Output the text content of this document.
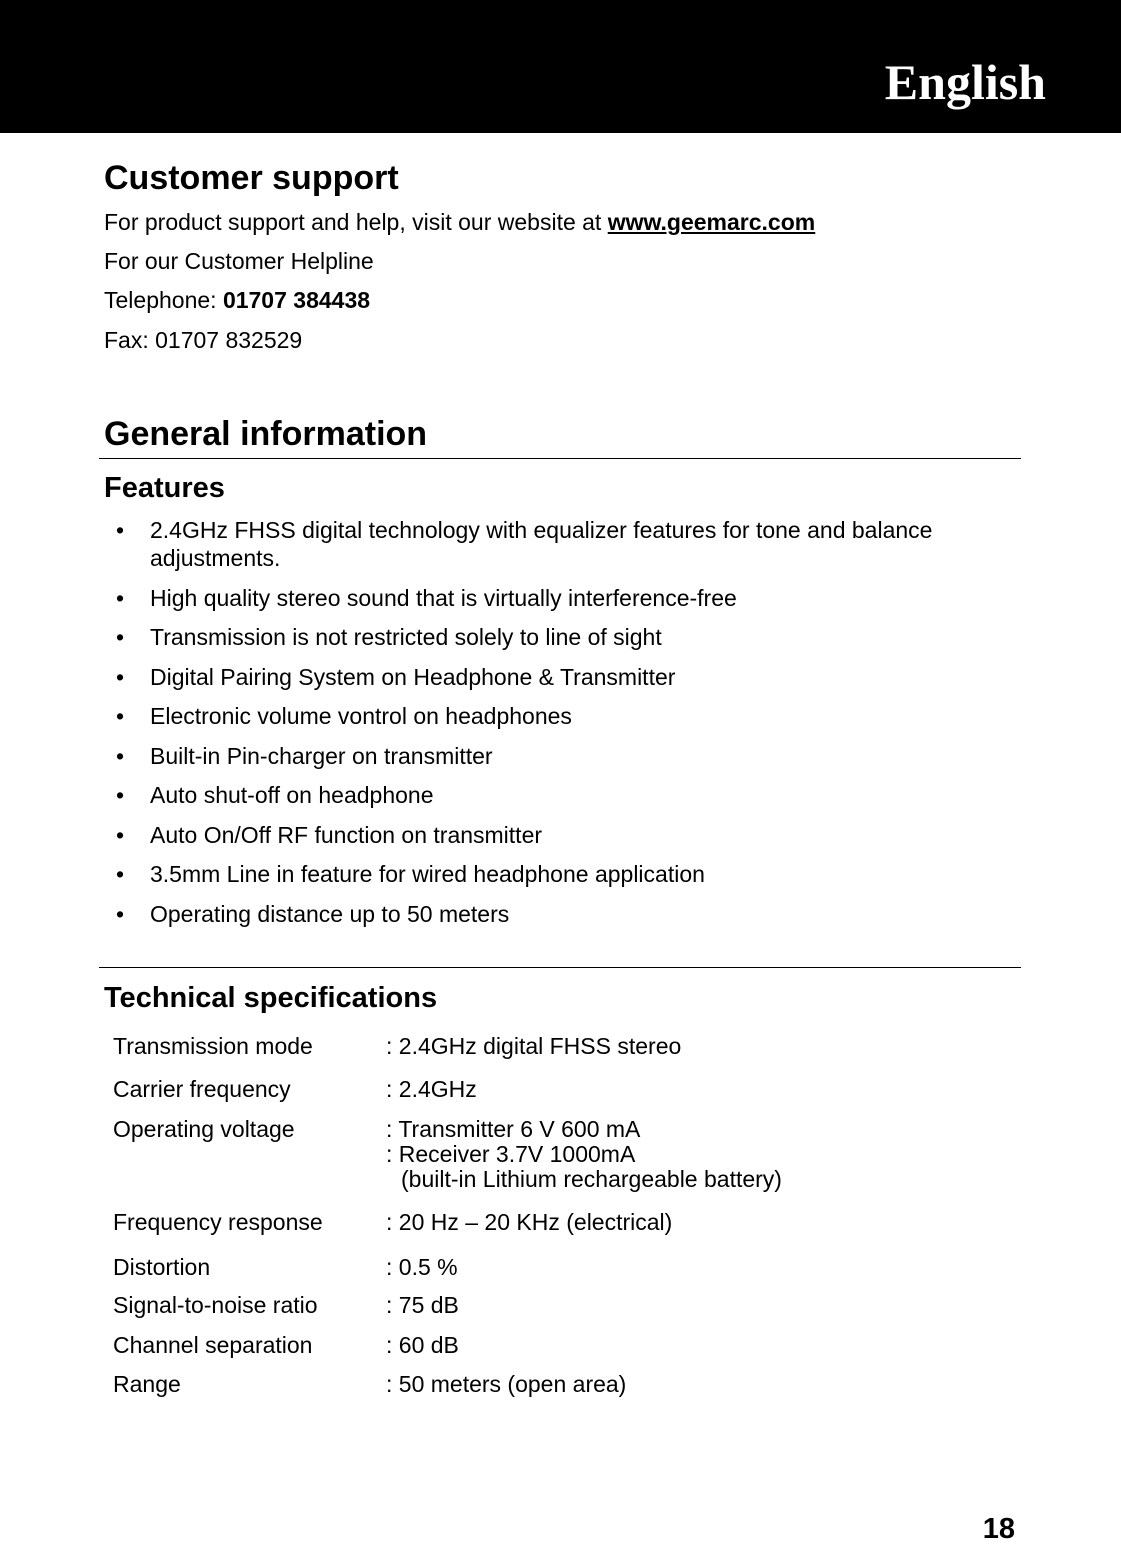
English
Customer support
For product support and help, visit our website at www.geemarc.com
For our Customer Helpline
Telephone: 01707 384438
Fax: 01707 832529
General information
Features
• 2.4GHz FHSS digital technology with equalizer features for tone and balance adjustments.
• High quality stereo sound that is virtually interference-free
• Transmission is not restricted solely to line of sight
• Digital Pairing System on Headphone & Transmitter
• Electronic volume vontrol on headphones
• Built-in Pin-charger on transmitter
• Auto shut-off on headphone
• Auto On/Off RF function on transmitter
• 3.5mm Line in feature for wired headphone application
• Operating distance up to 50 meters
Technical specifications
Transmission mode	: 2.4GHz digital FHSS stereo
Carrier frequency	: 2.4GHz
Operating voltage	: Transmitter 6 V 600 mA
: Receiver 3.7V 1000mA
(built-in Lithium rechargeable battery)
Frequency response	: 20 Hz – 20 KHz (electrical)
Distortion	: 0.5 %
Signal-to-noise ratio	: 75 dB
Channel separation	: 60 dB
Range	: 50 meters (open area)
18
